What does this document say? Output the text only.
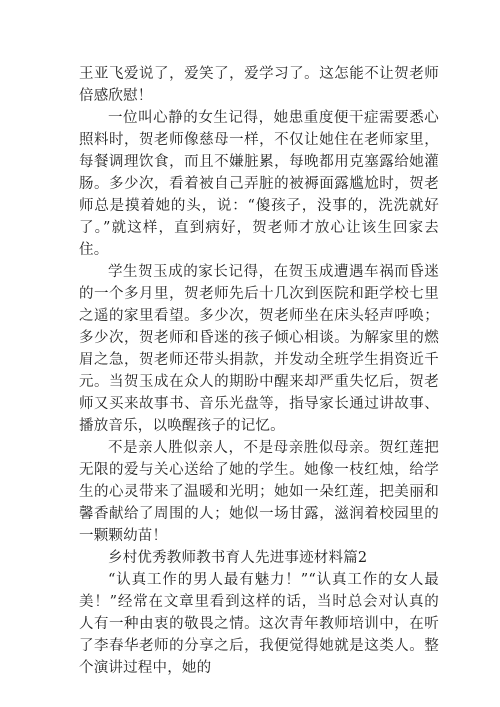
王亚飞爱说了，爱笑了，爱学习了。这怎能不让贺老师倍感欣慰！

一位叫心静的女生记得，她患重度便干症需要悉心照料时，贺老师像慈母一样，不仅让她住在老师家里，每餐调理饮食，而且不嫌脏累，每晚都用克塞露给她灌肠。多少次，看着被自己弄脏的被褥面露尴尬时，贺老师总是摸着她的头，说：“傻孩子，没事的，洗洗就好了。”就这样，直到病好，贺老师才放心让该生回家去住。

学生贺玉成的家长记得，在贺玉成遭遇车祸而昏迷的一个多月里，贺老师先后十几次到医院和距学校七里之遥的家里看望。多少次，贺老师坐在床头轻声呼唤；多少次，贺老师和昏迷的孩子倾心相谈。为解家里的燃眉之急，贺老师还带头捐款，并发动全班学生捐资近千元。当贺玉成在众人的期盼中醒来却严重失忆后，贺老师又买来故事书、音乐光盘等，指导家长通过讲故事、播放音乐，以唤醒孩子的记忆。

不是亲人胜似亲人，不是母亲胜似母亲。贺红莲把无限的爱与关心送给了她的学生。她像一枝红烛，给学生的心灵带来了温暖和光明；她如一朵红莲，把美丽和馨香献给了周围的人；她似一场甘露，滋润着校园里的一颗颗幼苗！

乡村优秀教师教书育人先进事迹材料篇2

“认真工作的男人最有魅力！”“认真工作的女人最美！”经常在文章里看到这样的话，当时总会对认真的人有一种由衷的敬畏之情。这次青年教师培训中，在听了李春华老师的分享之后，我便觉得她就是这类人。整个演讲过程中，她的
